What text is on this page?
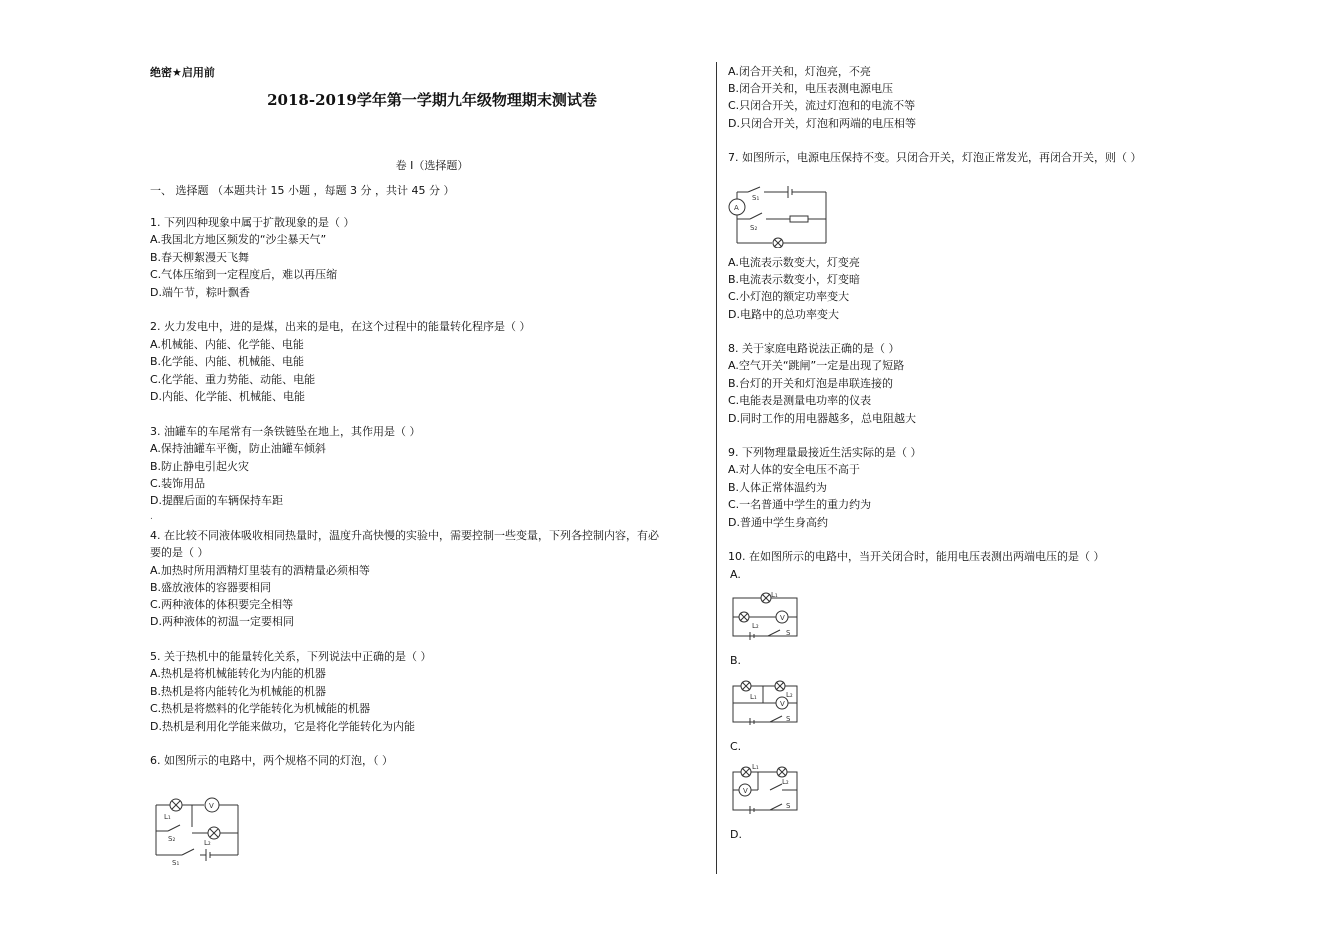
绝密★启用前
2018-2019学年第一学期九年级物理期末测试卷
卷 I（选择题）
一、 选择题 （本题共计 15 小题 ，每题 3 分 ，共计 45 分 ）
1. 下列四种现象中属于扩散现象的是（ ）
A.我国北方地区频发的“沙尘暴天气”
B.春天柳絮漫天飞舞
C.气体压缩到一定程度后，难以再压缩
D.端午节，粽叶飘香
2. 火力发电中，进的是煤，出来的是电，在这个过程中的能量转化程序是（ ）
A.机械能、内能、化学能、电能
B.化学能、内能、机械能、电能
C.化学能、重力势能、动能、电能
D.内能、化学能、机械能、电能
3. 油罐车的车尾常有一条铁链坠在地上，其作用是（ ）
A.保持油罐车平衡，防止油罐车倾斜
B.防止静电引起火灾
C.装饰用品
D.提醒后面的车辆保持车距
.
4. 在比较不同液体吸收相同热量时，温度升高快慢的实验中，需要控制一些变量，下列各控制内容，有必
要的是（ ）
A.加热时所用酒精灯里装有的酒精量必须相等
B.盛放液体的容器要相同
C.两种液体的体积要完全相等
D.两种液体的初温一定要相同
5. 关于热机中的能量转化关系，下列说法中正确的是（ ）
A.热机是将机械能转化为内能的机器
B.热机是将内能转化为机械能的机器
C.热机是将燃料的化学能转化为机械能的机器
D.热机是利用化学能来做功，它是将化学能转化为内能
6. 如图所示的电路中，两个规格不同的灯泡，（ ）
L₁
V
S₂	L₂
S₁
A.闭合开关和，灯泡亮，不亮
B.闭合开关和，电压表测电源电压
C.只闭合开关，流过灯泡和的电流不等
D.只闭合开关，灯泡和两端的电压相等
7. 如图所示，电源电压保持不变。只闭合开关，灯泡正常发光，再闭合开关，则（ ）
A
S₁
S₂
A.电流表示数变大，灯变亮
B.电流表示数变小，灯变暗
C.小灯泡的额定功率变大
D.电路中的总功率变大
8. 关于家庭电路说法正确的是（ ）
A.空气开关“跳闸”一定是出现了短路
B.台灯的开关和灯泡是串联连接的
C.电能表是测量电功率的仪表
D.同时工作的用电器越多，总电阻越大
9. 下列物理量最接近生活实际的是（ ）
A.对人体的安全电压不高于
B.人体正常体温约为
C.一名普通中学生的重力约为
D.普通中学生身高约
10. 在如图所示的电路中，当开关闭合时，能用电压表测出两端电压的是（ ）
A.
V
L₁
L₂
S
B.
V
L₁	L₂
S
C.
V
L₁
L₂
S
D.
